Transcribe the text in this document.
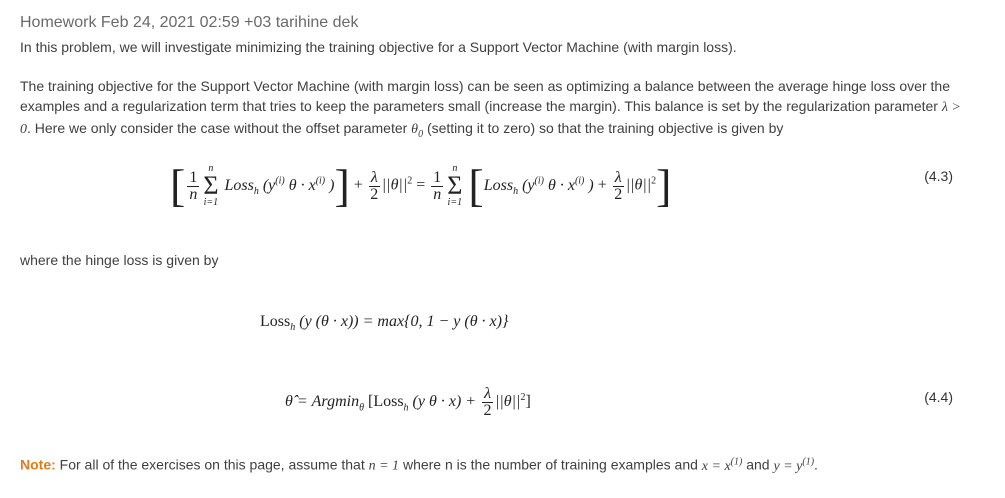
Homework Feb 24, 2021 02:59 +03 tarihine dek
In this problem, we will investigate minimizing the training objective for a Support Vector Machine (with margin loss).
The training objective for the Support Vector Machine (with margin loss) can be seen as optimizing a balance between the average hinge loss over the examples and a regularization term that tries to keep the parameters small (increase the margin). This balance is set by the regularization parameter λ > 0. Here we only consider the case without the offset parameter $\theta_0$ (setting it to zero) so that the training objective is given by
[ $\frac{1}{n}$
n
Σ
i=1
Loss$_h$ ($y^{(i)}$ $\theta \cdot x^{(i)}$ )] + $\frac{\lambda}{2} ||\theta||^2 = \frac{1}{n}$
n
Σ
i=1 [Loss$_h$ ($y^{(i)}$ $\theta \cdot x^{(i)}$ ) + $\frac{\lambda}{2} ||\theta||^2$]	(4.3)
where the hinge loss is given by
Loss$_h$ (y (θ · x)) = max{0, 1 − y (θ · x)}
θ̂ = Argmin$_\theta$ [Loss$_h$ (y $\theta \cdot x) + \frac{\lambda}{2} ||\theta||^2$]	(4.4)
Note: For all of the exercises on this page, assume that n = 1 where n is the number of training examples and $x = x^{(1)}$ and $y = y^{(1)}$.
